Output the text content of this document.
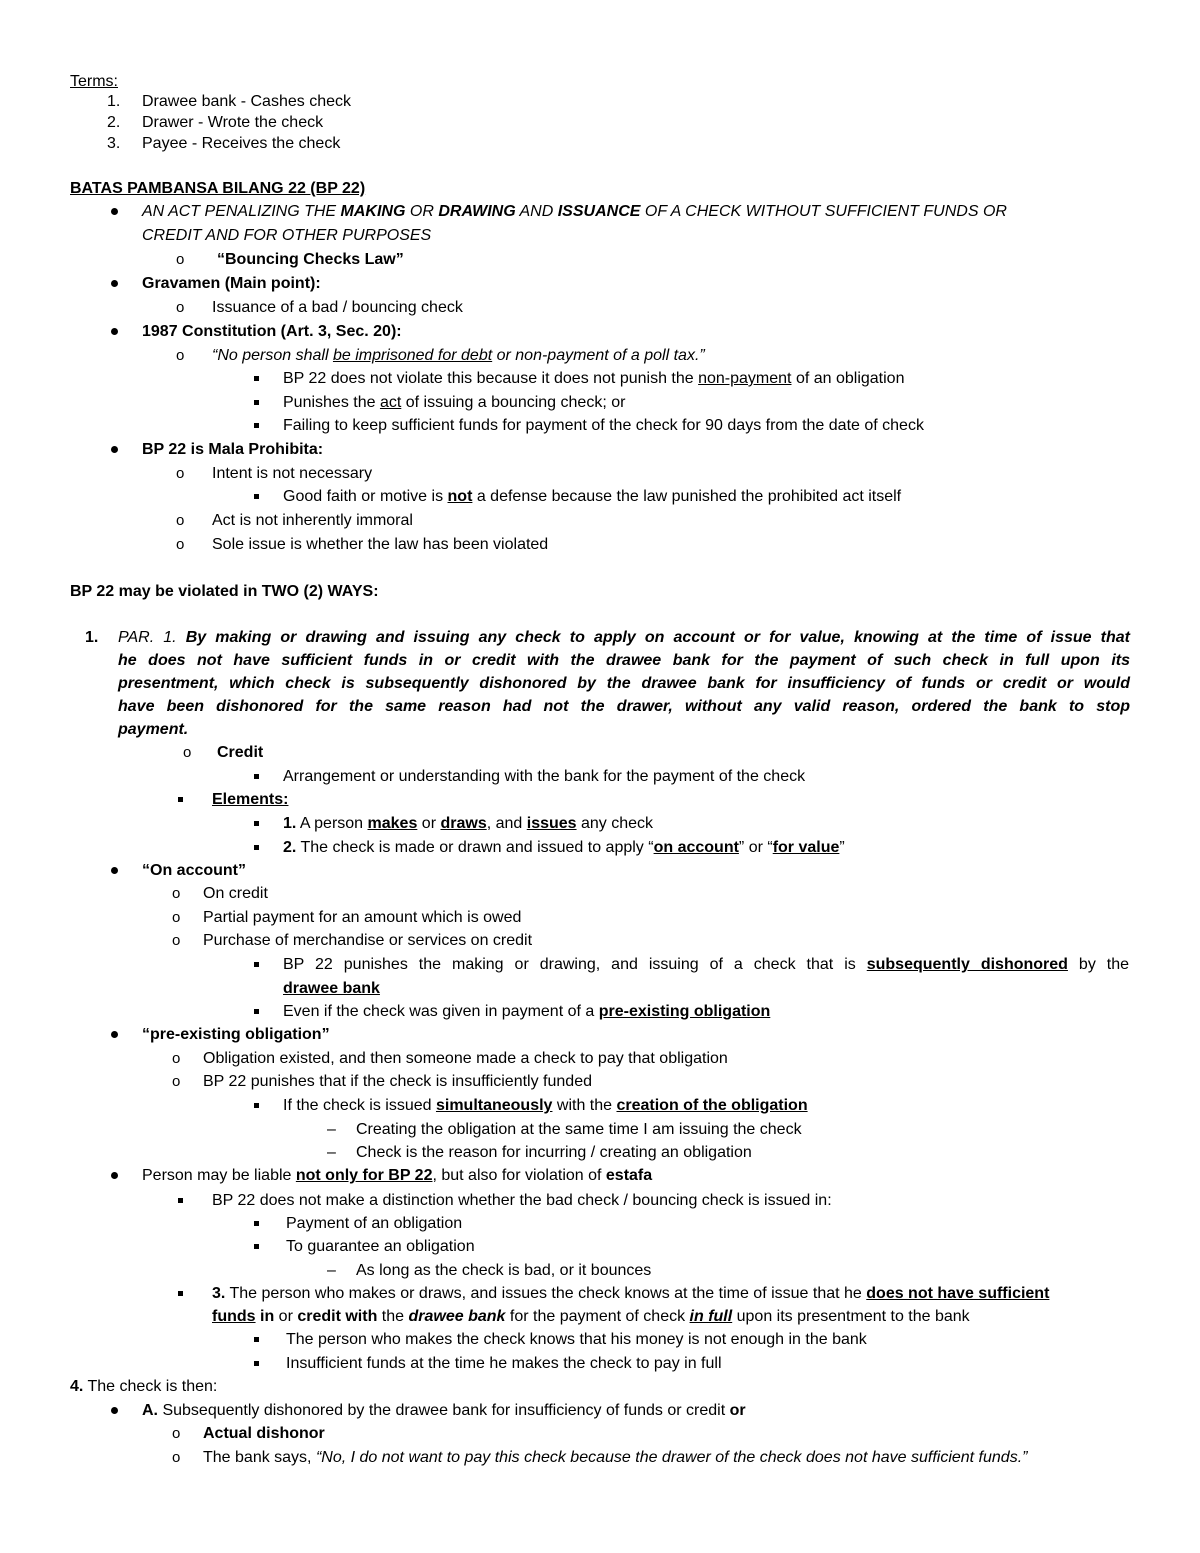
Terms:
1. Drawee bank - Cashes check
2. Drawer - Wrote the check
3. Payee - Receives the check
BATAS PAMBANSA BILANG 22 (BP 22)
AN ACT PENALIZING THE MAKING OR DRAWING AND ISSUANCE OF A CHECK WITHOUT SUFFICIENT FUNDS OR
CREDIT AND FOR OTHER PURPOSES
o “Bouncing Checks Law”
Gravamen (Main point):
o Issuance of a bad / bouncing check
1987 Constitution (Art. 3, Sec. 20):
o “No person shall be imprisoned for debt or non-payment of a poll tax.”
BP 22 does not violate this because it does not punish the non-payment of an obligation
Punishes the act of issuing a bouncing check; or
Failing to keep sufficient funds for payment of the check for 90 days from the date of check
BP 22 is Mala Prohibita:
o Intent is not necessary
Good faith or motive is not a defense because the law punished the prohibited act itself
o Act is not inherently immoral
o Sole issue is whether the law has been violated
BP 22 may be violated in TWO (2) WAYS:
1. PAR. 1. By making or drawing and issuing any check to apply on account or for value, knowing at the time of issue that
he does not have sufficient funds in or credit with the drawee bank for the payment of such check in full upon its
presentment, which check is subsequently dishonored by the drawee bank for insufficiency of funds or credit or would
have been dishonored for the same reason had not the drawer, without any valid reason, ordered the bank to stop
payment.
o Credit
Arrangement or understanding with the bank for the payment of the check
Elements:
1. A person makes or draws, and issues any check
2. The check is made or drawn and issued to apply “on account” or “for value”
“On account”
o On credit
o Partial payment for an amount which is owed
o Purchase of merchandise or services on credit
BP 22 punishes the making or drawing, and issuing of a check that is subsequently dishonored by the
drawee bank
Even if the check was given in payment of a pre-existing obligation
“pre-existing obligation”
o Obligation existed, and then someone made a check to pay that obligation
o BP 22 punishes that if the check is insufficiently funded
If the check is issued simultaneously with the creation of the obligation
– Creating the obligation at the same time I am issuing the check
– Check is the reason for incurring / creating an obligation
Person may be liable not only for BP 22, but also for violation of estafa
BP 22 does not make a distinction whether the bad check / bouncing check is issued in:
Payment of an obligation
To guarantee an obligation
– As long as the check is bad, or it bounces
3. The person who makes or draws, and issues the check knows at the time of issue that he does not have sufficient
funds in or credit with the drawee bank for the payment of check in full upon its presentment to the bank
The person who makes the check knows that his money is not enough in the bank
Insufficient funds at the time he makes the check to pay in full
4. The check is then:
A. Subsequently dishonored by the drawee bank for insufficiency of funds or credit or
o Actual dishonor
o The bank says, “No, I do not want to pay this check because the drawer of the check does not have sufficient funds.”
